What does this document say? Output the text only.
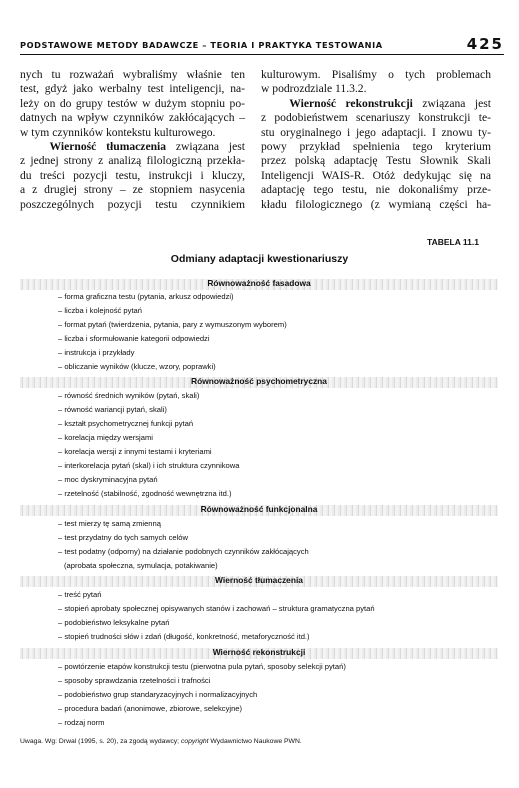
PODSTAWOWE METODY BADAWCZE – TEORIA I PRAKTYKA TESTOWANIA	425
nych tu rozważań wybraliśmy właśnie ten
test, gdyż jako werbalny test inteligencji, na-
leży on do grupy testów w dużym stopniu po-
datnych na wpływ czynników zakłócających –
w tym czynników kontekstu kulturowego.
Wierność tłumaczenia związana jest
z jednej strony z analizą filologiczną przekła-
du treści pozycji testu, instrukcji i kluczy,
a z drugiej strony – ze stopniem nasycenia
poszczególnych pozycji testu czynnikiem
kulturowym. Pisaliśmy o tych problemach
w podrozdziale 11.3.2.
Wierność rekonstrukcji związana jest
z podobieństwem scenariuszy konstrukcji te-
stu oryginalnego i jego adaptacji. I znowu ty-
powy przykład spełnienia tego kryterium
przez polską adaptację Testu Słownik Skali
Inteligencji WAIS-R. Otóż dedykując się na
adaptację tego testu, nie dokonaliśmy prze-
kładu filologicznego (z wymianą części ha-
TABELA 11.1
Odmiany adaptacji kwestionariuszy
Równoważność fasadowa
– forma graficzna testu (pytania, arkusz odpowiedzi)
– liczba i kolejność pytań
– format pytań (twierdzenia, pytania, pary z wymuszonym wyborem)
– liczba i sformułowanie kategorii odpowiedzi
– instrukcja i przykłady
– obliczanie wyników (klucze, wzory, poprawki)
Równoważność psychometryczna
– równość średnich wyników (pytań, skali)
– równość wariancji pytań, skali)
– kształt psychometrycznej funkcji pytań
– korelacja między wersjami
– korelacja wersji z innymi testami i kryteriami
– interkorelacja pytań (skal) i ich struktura czynnikowa
– moc dyskryminacyjna pytań
– rzetelność (stabilność, zgodność wewnętrzna itd.)
Równoważność funkcjonalna
– test mierzy tę samą zmienną
– test przydatny do tych samych celów
– test podatny (odporny) na działanie podobnych czynników zakłócających
(aprobata społeczna, symulacja, potakiwanie)
Wierność tłumaczenia
– treść pytań
– stopień aprobaty społecznej opisywanych stanów i zachowań – struktura gramatyczna pytań
– podobieństwo leksykalne pytań
– stopień trudności słów i zdań (długość, konkretność, metaforyczność itd.)
Wierność rekonstrukcji
– powtórzenie etapów konstrukcji testu (pierwotna pula pytań, sposoby selekcji pytań)
– sposoby sprawdzania rzetelności i trafności
– podobieństwo grup standaryzacyjnych i normalizacyjnych
– procedura badań (anonimowe, zbiorowe, selekcyjne)
– rodzaj norm
Uwaga. Wg: Drwal (1995, s. 20), za zgodą wydawcy; copyright Wydawnictwo Naukowe PWN.
